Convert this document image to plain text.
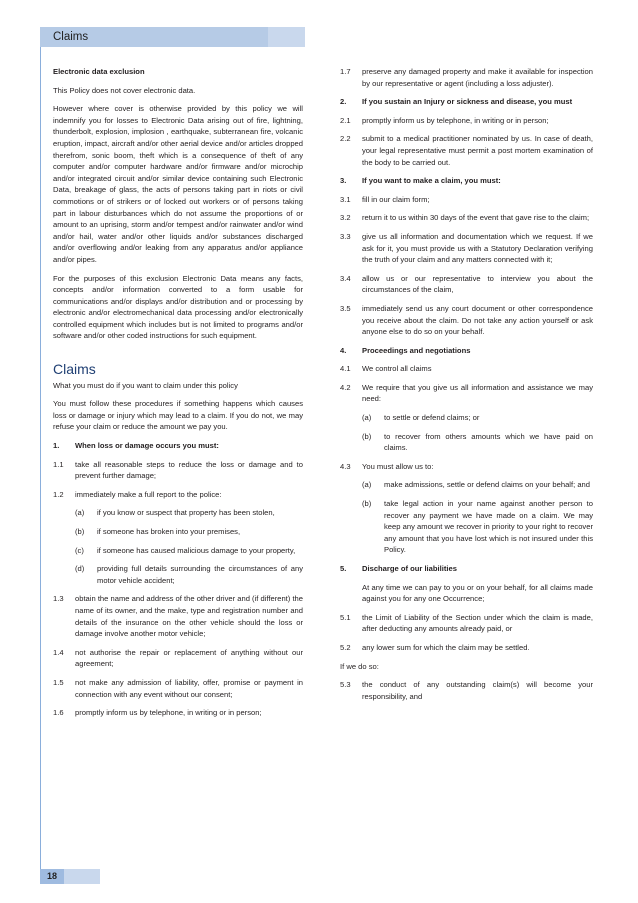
Claims
18

Electronic data exclusion

This Policy does not cover electronic data.

However where cover is otherwise provided by this policy we will indemnify you for losses to Electronic Data arising out of fire, lightning, thunderbolt, explosion, implosion , earthquake, subterranean fire, volcanic eruption, impact, aircraft and/or other aerial device and/or articles dropped therefrom, sonic boom, theft which is a consequence of theft of any computer and/or computer hardware and/or firmware and/or microchip and/or integrated circuit and/or similar device containing such Electronic Data, breakage of glass, the acts of persons taking part in riots or civil commotions or of strikers or of locked out workers or of persons taking part in labour disturbances which do not assume the proportions of or amount to an uprising, storm and/or tempest and/or rainwater and/or wind and/or hail, water and/or other liquids and/or substances discharged and/or overflowing and/or leaking from any apparatus and/or appliance and/or pipes.

For the purposes of this exclusion Electronic Data means any facts, concepts and/or information converted to a form usable for communications and/or displays and/or distribution and or processing by electronic and/or electromechanical data processing and/or electronically controlled equipment which includes but is not limited to programs and/or software and/or other coded instructions for such equipment.

Claims

What you must do if you want to claim under this policy

You must follow these procedures if something happens which causes loss or damage or injury which may lead to a claim. If you do not, we may refuse your claim or reduce the amount we pay you.

1.	When loss or damage occurs you must:
1.1	take all reasonable steps to reduce the loss or damage and to prevent further damage;
1.2	immediately make a full report to the police:
(a)	if you know or suspect that property has been stolen,
(b)	if someone has broken into your premises,
(c)	if someone has caused malicious damage to your property,
(d)	providing full details surrounding the circumstances of any motor vehicle accident;
1.3	obtain the name and address of the other driver and (if different) the name of its owner, and the make, type and registration number and details of the insurance on the other vehicle should the loss or damage involve another motor vehicle;
1.4	not authorise the repair or replacement of anything without our agreement;
1.5	not make any admission of liability, offer, promise or payment in connection with any event without our consent;
1.6	promptly inform us by telephone, in writing or in person;
1.7	preserve any damaged property and make it available for inspection by our representative or agent (including a loss adjuster).
2.	If you sustain an Injury or sickness and disease, you must
2.1	promptly inform us by telephone, in writing or in person;
2.2	submit to a medical practitioner nominated by us. In case of death, your legal representative must permit a post mortem examination of the body to be carried out.
3.	If you want to make a claim, you must:
3.1	fill in our claim form;
3.2	return it to us within 30 days of the event that gave rise to the claim;
3.3	give us all information and documentation which we request. If we ask for it, you must provide us with a Statutory Declaration verifying the truth of your claim and any matters connected with it;
3.4	allow us or our representative to interview you about the circumstances of the claim,
3.5	immediately send us any court document or other correspondence you receive about the claim. Do not take any action yourself or ask anyone else to do so on your behalf.
4.	Proceedings and negotiations
4.1	We control all claims
4.2	We require that you give us all information and assistance we may need:
(a)	to settle or defend claims; or
(b)	to recover from others amounts which we have paid on claims.
4.3	You must allow us to:
(a)	make admissions, settle or defend claims on your behalf; and
(b)	take legal action in your name against another person to recover any payment we have made on a claim. We may keep any amount we recover in priority to your right to recover any amount that you have lost which is not insured under this Policy.
5.	Discharge of our liabilities
At any time we can pay to you or on your behalf, for all claims made against you for any one Occurrence;
5.1	the Limit of Liability of the Section under which the claim is made, after deducting any amounts already paid, or
5.2	any lower sum for which the claim may be settled.

If we do so:

5.3	the conduct of any outstanding claim(s) will become your responsibility, and
